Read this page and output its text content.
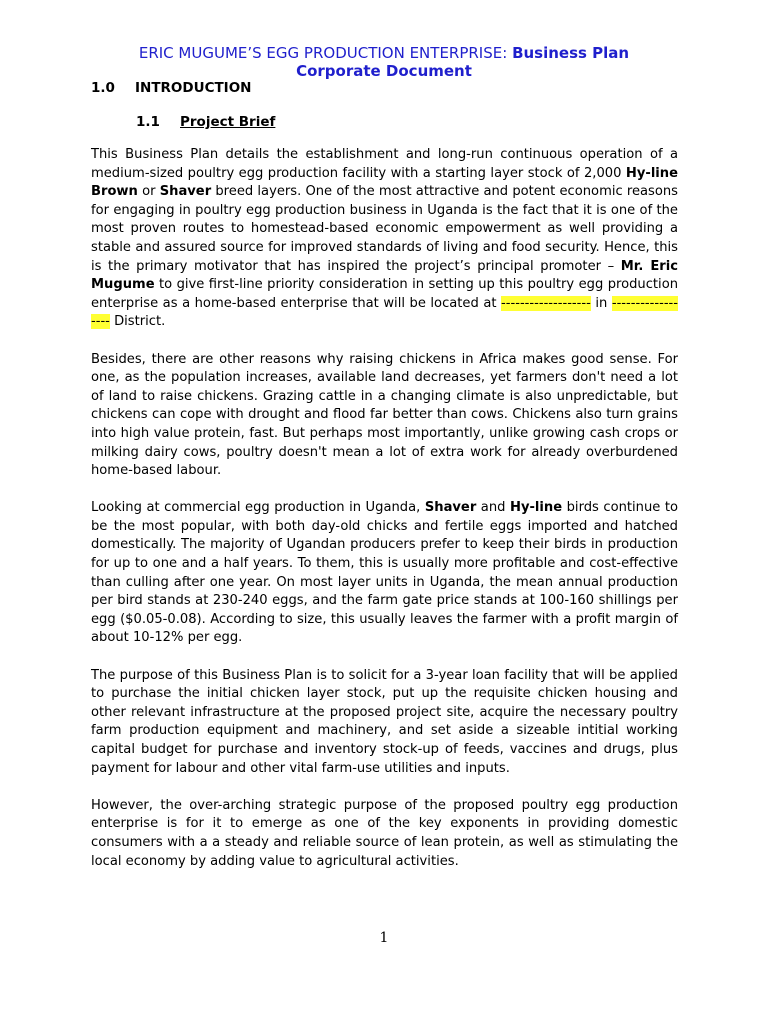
ERIC MUGUME’S EGG PRODUCTION ENTERPRISE: Business Plan
Corporate Document
1.0 INTRODUCTION
1.1 Project Brief

This Business Plan details the establishment and long-run continuous operation of a medium-sized poultry egg production facility with a starting layer stock of 2,000 Hy-line Brown or Shaver breed layers. One of the most attractive and potent economic reasons for engaging in poultry egg production business in Uganda is the fact that it is one of the most proven routes to homestead-based economic empowerment as well providing a stable and assured source for improved standards of living and food security. Hence, this is the primary motivator that has inspired the project’s principal promoter – Mr. Eric Mugume to give first-line priority consideration in setting up this poultry egg production enterprise as a home-based enterprise that will be located at ------------------- in ------------------ District.

Besides, there are other reasons why raising chickens in Africa makes good sense. For one, as the population increases, available land decreases, yet farmers don't need a lot of land to raise chickens. Grazing cattle in a changing climate is also unpredictable, but chickens can cope with drought and flood far better than cows. Chickens also turn grains into high value protein, fast. But perhaps most importantly, unlike growing cash crops or milking dairy cows, poultry doesn't mean a lot of extra work for already overburdened home-based labour.

Looking at commercial egg production in Uganda, Shaver and Hy-line birds continue to be the most popular, with both day-old chicks and fertile eggs imported and hatched domestically. The majority of Ugandan producers prefer to keep their birds in production for up to one and a half years. To them, this is usually more profitable and cost-effective than culling after one year. On most layer units in Uganda, the mean annual production per bird stands at 230-240 eggs, and the farm gate price stands at 100-160 shillings per egg ($0.05-0.08). According to size, this usually leaves the farmer with a profit margin of about 10-12% per egg.

The purpose of this Business Plan is to solicit for a 3-year loan facility that will be applied to purchase the initial chicken layer stock, put up the requisite chicken housing and other relevant infrastructure at the proposed project site, acquire the necessary poultry farm production equipment and machinery, and set aside a sizeable intitial working capital budget for purchase and inventory stock-up of feeds, vaccines and drugs, plus payment for labour and other vital farm-use utilities and inputs.

However, the over-arching strategic purpose of the proposed poultry egg production enterprise is for it to emerge as one of the key exponents in providing domestic consumers with a a steady and reliable source of lean protein, as well as stimulating the local economy by adding value to agricultural activities.

1
